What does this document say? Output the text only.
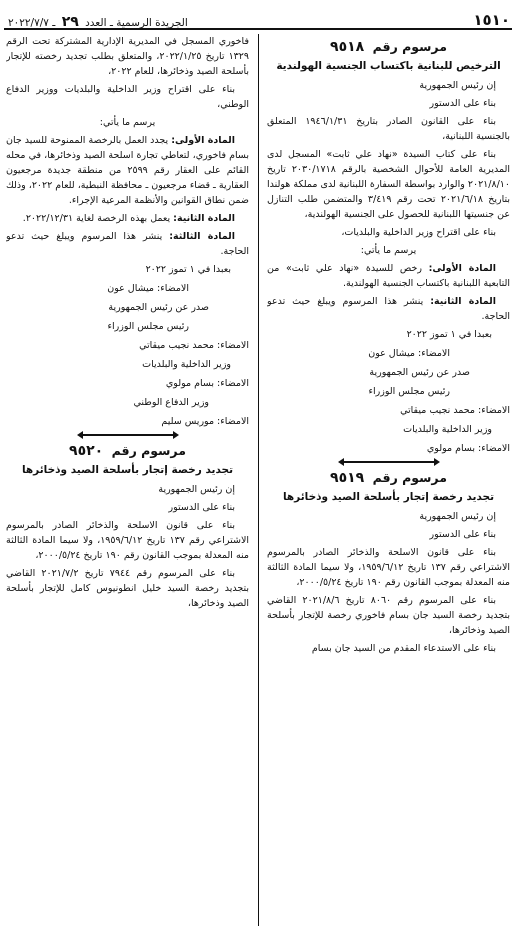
١٥١٠
الجريدة الرسمية ـ العدد ٢٩ ـ ٢٠٢٢/٧/٧

مرسوم رقم ٩٥١٨

الترخيص للبنانية باكتساب الجنسية الهولندية

إن رئيس الجمهورية

بناء على الدستور

بناء على القانون الصادر بتاريخ ١٩٤٦/١/٣١ المتعلق بالجنسية اللبنانية،

بناء على كتاب السيدة «نهاد علي ثابت» المسجل لدى المديرية العامة للأحوال الشخصية بالرقم ٢٠٣٠/١٧١٨ تاريخ ٢٠٢١/٨/١٠ والوارد بواسطة السفارة اللبنانية لدى مملكة هولندا بتاريخ ٢٠٢١/٦/١٨ تحت رقم ٣/٤١٩ والمتضمن طلب التنازل عن جنسيتها اللبنانية للحصول على الجنسية الهولندية،

بناء على اقتراح وزير الداخلية والبلديات،

يرسم ما يأتي:

المادة الأولى: رخص للسيدة «نهاد علي ثابت» من التابعية اللبنانية باكتساب الجنسية الهولندية.

المادة الثانية: ينشر هذا المرسوم ويبلغ حيث تدعو الحاجة.

بعبدا في ١ تموز ٢٠٢٢

الامضاء: ميشال عون

صدر عن رئيس الجمهورية

رئيس مجلس الوزراء

الامضاء: محمد نجيب ميقاتي

وزير الداخلية والبلديات

الامضاء: بسام مولوي

مرسوم رقم ٩٥١٩

تجديد رخصة إتجار بأسلحة الصيد وذخائرها

إن رئيس الجمهورية

بناء على الدستور

بناء على قانون الاسلحة والذخائر الصادر بالمرسوم الاشتراعي رقم ١٣٧ تاريخ ١٩٥٩/٦/١٢، ولا سيما المادة الثالثة منه المعدلة بموجب القانون رقم ١٩٠ تاريخ ٢٠٠٠/٥/٢٤،

بناء على المرسوم رقم ٨٠٦٠ تاريخ ٢٠٢١/٨/٦ القاضي بتجديد رخصة السيد جان بسام فاخوري رخصة للإتجار بأسلحة الصيد وذخائرها،

بناء على الاستدعاء المقدم من السيد جان بسام

فاخوري المسجل في المديرية الإدارية المشتركة تحت الرقم ١٣٢٩ تاريخ ٢٠٢٢/١/٢٥، والمتعلق بطلب تجديد رخصته للإتجار بأسلحة الصيد وذخائرها، للعام ٢٠٢٢،

بناء على اقتراح وزير الداخلية والبلديات ووزير الدفاع الوطني،

يرسم ما يأتي:

المادة الأولى: يجدد العمل بالرخصة الممنوحة للسيد جان بسام فاخوري، لتعاطي تجارة اسلحة الصيد وذخائرها، في محله القائم على العقار رقم ٢٥٩٩ من منطقة جديدة مرجعيون العقارية ـ قضاء مرجعيون ـ محافظة النبطية، للعام ٢٠٢٢، وذلك ضمن نطاق القوانين والأنظمة المرعية الإجراء.

المادة الثانية: يعمل بهذه الرخصة لغاية ٢٠٢٢/١٢/٣١.

المادة الثالثة: ينشر هذا المرسوم ويبلغ حيث تدعو الحاجة.

بعبدا في ١ تموز ٢٠٢٢

الامضاء: ميشال عون

صدر عن رئيس الجمهورية

رئيس مجلس الوزراء

الامضاء: محمد نجيب ميقاتي

وزير الداخلية والبلديات

الامضاء: بسام مولوي

وزير الدفاع الوطني

الامضاء: موريس سليم

مرسوم رقم ٩٥٢٠

تجديد رخصة إتجار بأسلحة الصيد وذخائرها

إن رئيس الجمهورية

بناء على الدستور

بناء على قانون الاسلحة والذخائر الصادر بالمرسوم الاشتراعي رقم ١٣٧ تاريخ ١٩٥٩/٦/١٢، ولا سيما المادة الثالثة منه المعدلة بموجب القانون رقم ١٩٠ تاريخ ٢٠٠٠/٥/٢٤،

بناء على المرسوم رقم ٧٩٤٤ تاريخ ٢٠٢١/٧/٢ القاضي بتجديد رخصة السيد خليل انطونيوس كامل للإتجار بأسلحة الصيد وذخائرها،
